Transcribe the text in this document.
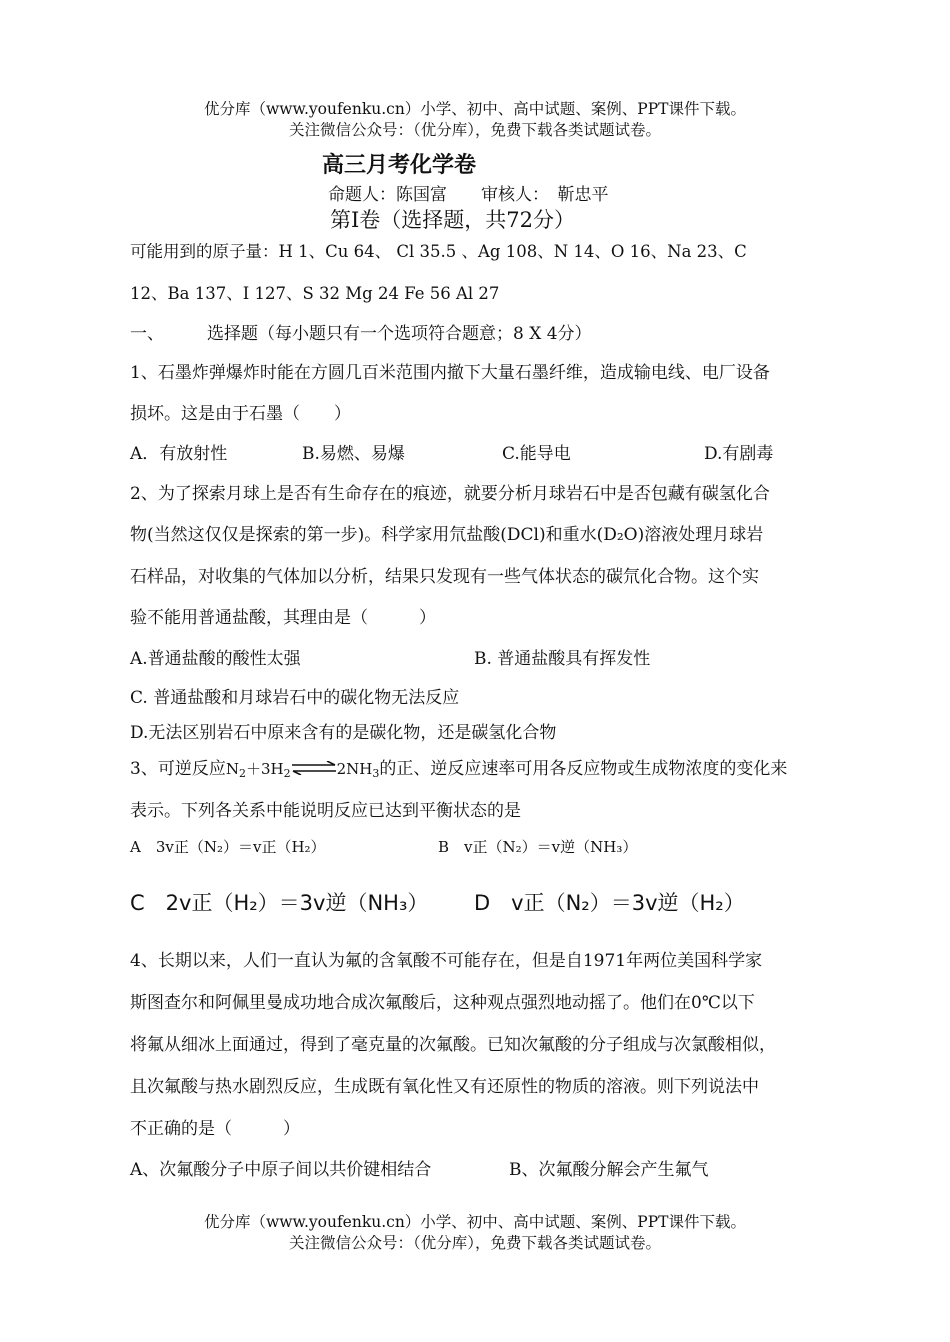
优分库（www.youfenku.cn）小学、初中、高中试题、案例、PPT课件下载。
关注微信公众号：（优分库），免费下载各类试题试卷。
高三月考化学卷
命题人：陈国富　　审核人：　靳忠平
第Ⅰ卷（选择题，共72分）
可能用到的原子量：H 1、Cu 64、 Cl 35.5 、Ag 108、N 14、O 16、Na 23、C
12、Ba 137、I 127、S 32 Mg 24 Fe 56 Al 27
一、	选择题（每小题只有一个选项符合题意；8 X 4分）
1、石墨炸弹爆炸时能在方圆几百米范围内撤下大量石墨纤维，造成输电线、电厂设备
损坏。这是由于石墨（　　）
A．有放射性	B.易燃、易爆	C.能导电	D.有剧毒
2、为了探索月球上是否有生命存在的痕迹，就要分析月球岩石中是否包藏有碳氢化合
物(当然这仅仅是探索的第一步)。科学家用氘盐酸(DCl)和重水(D₂O)溶液处理月球岩
石样品，对收集的气体加以分析，结果只发现有一些气体状态的碳氘化合物。这个实
验不能用普通盐酸，其理由是（　　　）
A.普通盐酸的酸性太强	B. 普通盐酸具有挥发性
C. 普通盐酸和月球岩石中的碳化物无法反应
D.无法区别岩石中原来含有的是碳化物，还是碳氢化合物
3、可逆反应$N_2+3H_2\rightleftharpoons 2NH_3$的正、逆反应速率可用各反应物或生成物浓度的变化来
表示。下列各关系中能说明反应已达到平衡状态的是
A　3v正（N₂）＝v正（H₂）	B　v正（N₂）＝v逆（NH₃）
C　2v正（H₂）＝3v逆（NH₃） D　v正（N₂）＝3v逆（H₂）
4、长期以来，人们一直认为氟的含氧酸不可能存在，但是自1971年两位美国科学家
斯图查尔和阿佩里曼成功地合成次氟酸后，这种观点强烈地动摇了。他们在0℃以下
将氟从细冰上面通过，得到了毫克量的次氟酸。已知次氟酸的分子组成与次氯酸相似，
且次氟酸与热水剧烈反应，生成既有氧化性又有还原性的物质的溶液。则下列说法中
不正确的是（　　　）
A、次氟酸分子中原子间以共价键相结合	B、次氟酸分解会产生氟气
优分库（www.youfenku.cn）小学、初中、高中试题、案例、PPT课件下载。
关注微信公众号：（优分库），免费下载各类试题试卷。
